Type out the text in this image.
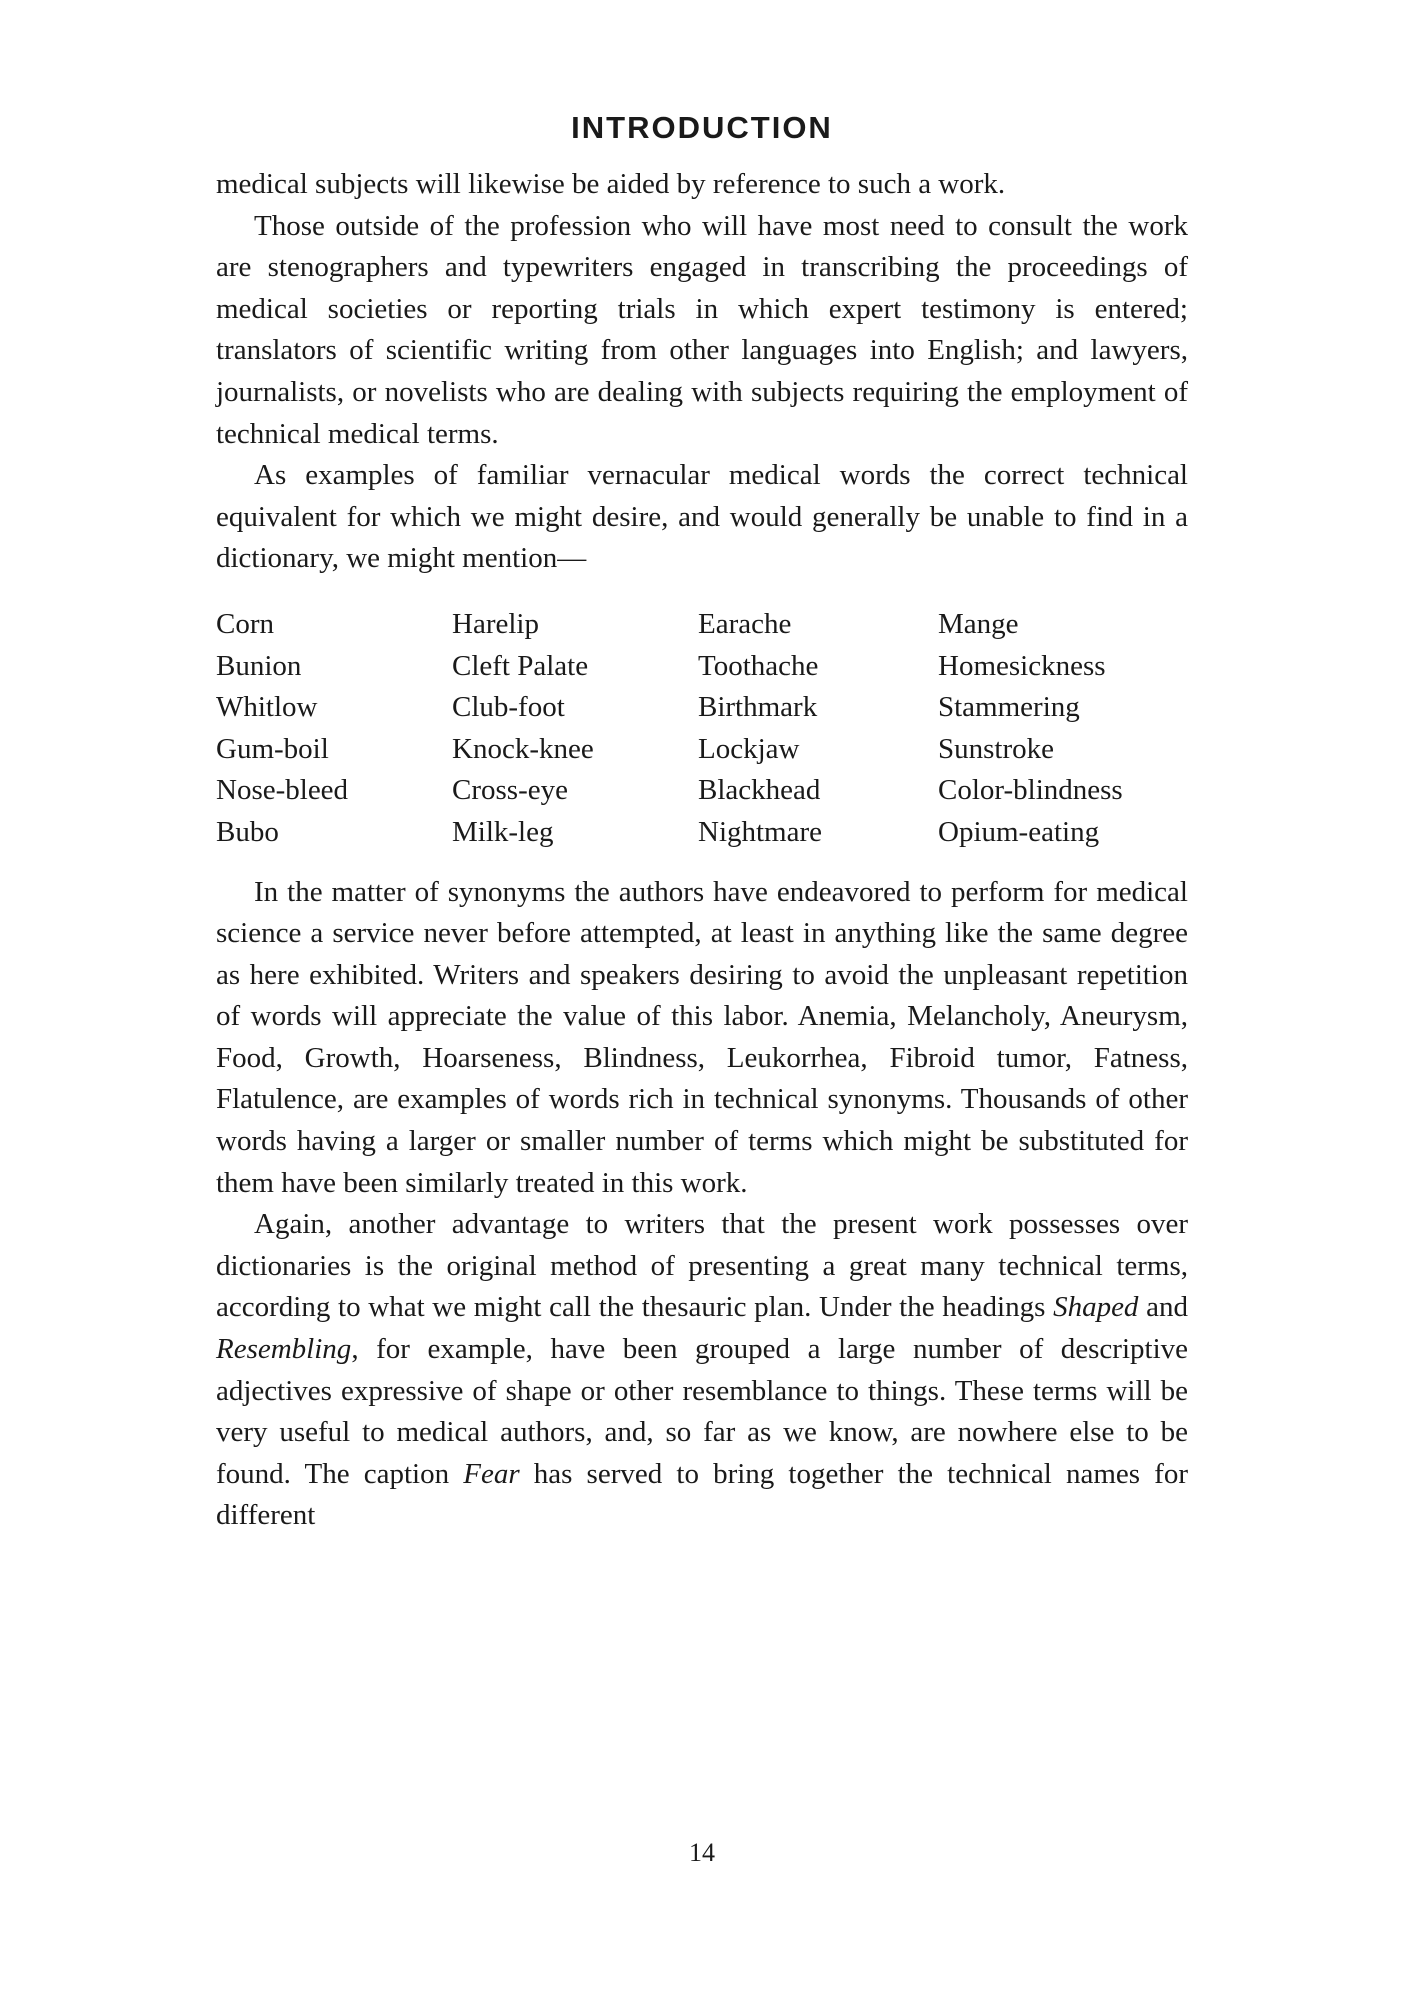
INTRODUCTION

medical subjects will likewise be aided by reference to such a work.

Those outside of the profession who will have most need to consult the work are stenographers and typewriters engaged in transcribing the proceedings of medical societies or reporting trials in which expert testimony is entered; translators of scientific writing from other languages into English; and lawyers, journalists, or novelists who are dealing with subjects requiring the employment of technical medical terms.

As examples of familiar vernacular medical words the correct technical equivalent for which we might desire, and would generally be unable to find in a dictionary, we might mention—

Corn	Harelip	Earache	Mange
Bunion	Cleft Palate	Toothache	Homesickness
Whitlow	Club-foot	Birthmark	Stammering
Gum-boil	Knock-knee	Lockjaw	Sunstroke
Nose-bleed	Cross-eye	Blackhead	Color-blindness
Bubo	Milk-leg	Nightmare	Opium-eating

In the matter of synonyms the authors have endeavored to perform for medical science a service never before attempted, at least in anything like the same degree as here exhibited. Writers and speakers desiring to avoid the unpleasant repetition of words will appreciate the value of this labor. Anemia, Melancholy, Aneurysm, Food, Growth, Hoarseness, Blindness, Leukorrhea, Fibroid tumor, Fatness, Flatulence, are examples of words rich in technical synonyms. Thousands of other words having a larger or smaller number of terms which might be substituted for them have been similarly treated in this work.

Again, another advantage to writers that the present work possesses over dictionaries is the original method of presenting a great many technical terms, according to what we might call the thesauric plan. Under the headings Shaped and Resembling, for example, have been grouped a large number of descriptive adjectives expressive of shape or other resemblance to things. These terms will be very useful to medical authors, and, so far as we know, are nowhere else to be found. The caption Fear has served to bring together the technical names for different

14
